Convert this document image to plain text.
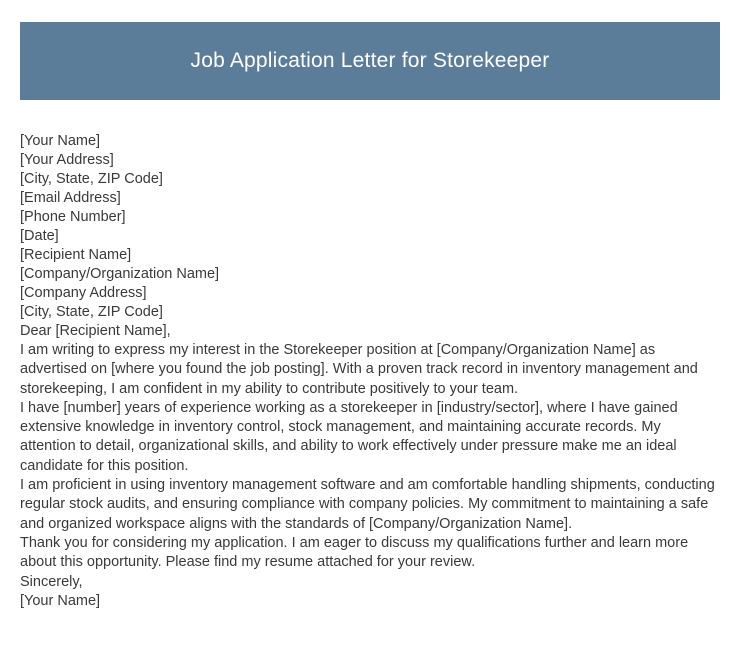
Job Application Letter for Storekeeper

[Your Name]

[Your Address]

[City, State, ZIP Code]

[Email Address]

[Phone Number]

[Date]

[Recipient Name]

[Company/Organization Name]

[Company Address]

[City, State, ZIP Code]

Dear [Recipient Name],

I am writing to express my interest in the Storekeeper position at [Company/Organization Name] as advertised on [where you found the job posting]. With a proven track record in inventory management and storekeeping, I am confident in my ability to contribute positively to your team.

I have [number] years of experience working as a storekeeper in [industry/sector], where I have gained extensive knowledge in inventory control, stock management, and maintaining accurate records. My attention to detail, organizational skills, and ability to work effectively under pressure make me an ideal candidate for this position.

I am proficient in using inventory management software and am comfortable handling shipments, conducting regular stock audits, and ensuring compliance with company policies. My commitment to maintaining a safe and organized workspace aligns with the standards of [Company/Organization Name].

Thank you for considering my application. I am eager to discuss my qualifications further and learn more about this opportunity. Please find my resume attached for your review.

Sincerely,

[Your Name]
